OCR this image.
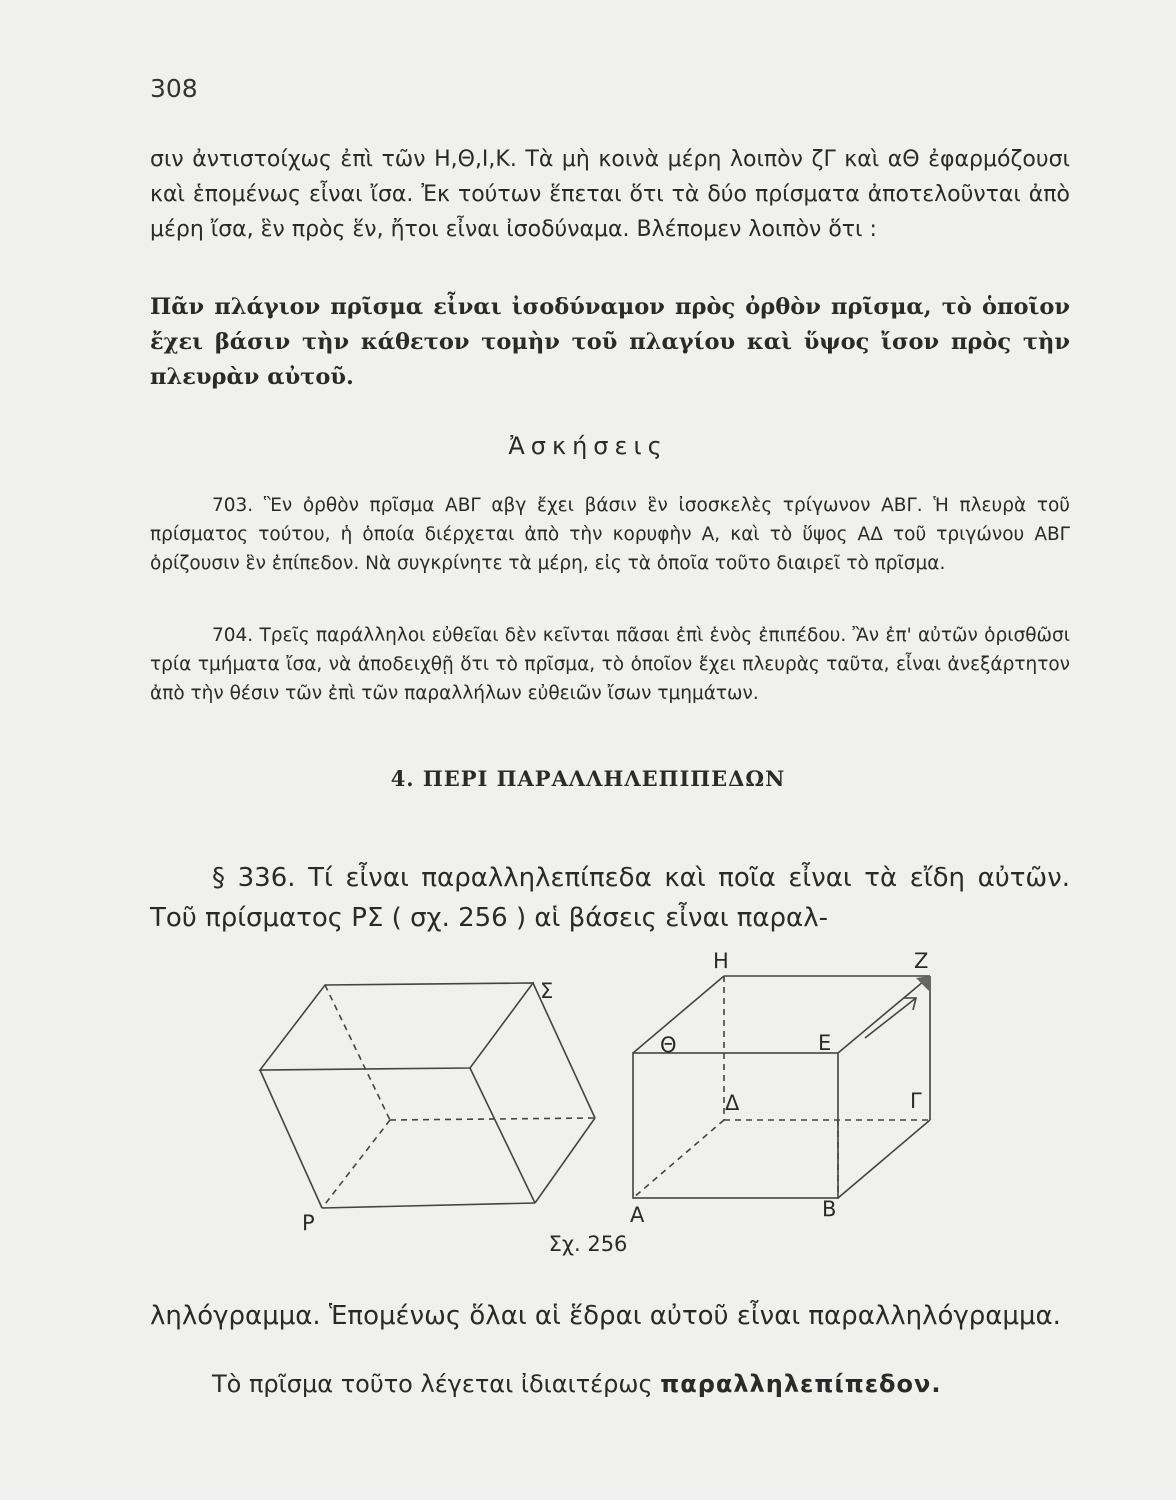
308

σιν ἀντιστοίχως ἐπὶ τῶν Η,Θ,Ι,Κ. Τὰ μὴ κοινὰ μέρη λοιπὸν ζΓ καὶ αΘ ἐφαρμόζουσι καὶ ἑπομένως εἶναι ἴσα. Ἐκ τούτων ἕπεται ὅτι τὰ δύο πρίσματα ἀποτελοῦνται ἀπὸ μέρη ἴσα, ἓν πρὸς ἕν, ἤτοι εἶναι ἰσοδύναμα. Βλέπομεν λοιπὸν ὅτι :

Πᾶν πλάγιον πρῖσμα εἶναι ἰσοδύναμον πρὸς ὀρθὸν πρῖσμα, τὸ ὁποῖον ἔχει βάσιν τὴν κάθετον τομὴν τοῦ πλαγίου καὶ ὕψος ἴσον πρὸς τὴν πλευρὰν αὐτοῦ.

Ἀσκήσεις

703. Ἓν ὀρθὸν πρῖσμα ΑΒΓ αβγ ἔχει βάσιν ἓν ἰσοσκελὲς τρίγωνον ΑΒΓ. Ἡ πλευρὰ τοῦ πρίσματος τούτου, ἡ ὁποία διέρχεται ἀπὸ τὴν κορυφὴν Α, καὶ τὸ ὕψος ΑΔ τοῦ τριγώνου ΑΒΓ ὁρίζουσιν ἓν ἐπίπεδον. Νὰ συγκρίνητε τὰ μέρη, εἰς τὰ ὁποῖα τοῦτο διαιρεῖ τὸ πρῖσμα.

704. Τρεῖς παράλληλοι εὐθεῖαι δὲν κεῖνται πᾶσαι ἐπὶ ἑνὸς ἐπιπέδου. Ἂν ἐπ' αὐτῶν ὁρισθῶσι τρία τμήματα ἴσα, νὰ ἀποδειχθῇ ὅτι τὸ πρῖσμα, τὸ ὁποῖον ἔχει πλευρὰς ταῦτα, εἶναι ἀνεξάρτητον ἀπὸ τὴν θέσιν τῶν ἐπὶ τῶν παραλλήλων εὐθειῶν ἴσων τμημάτων.

4. ΠΕΡΙ ΠΑΡΑΛΛΗΛΕΠΙΠΕΔΩΝ

§ 336. Τί εἶναι παραλληλεπίπεδα καὶ ποῖα εἶναι τὰ εἴδη αὐτῶν. Τοῦ πρίσματος ΡΣ ( σχ. 256 ) αἱ βάσεις εἶναι παραλ-

Σ
Ρ
Η	Ζ
Θ	Ε
Δ	Γ
Α	Β
Σχ. 256

ληλόγραμμα. Ἑπομένως ὅλαι αἱ ἕδραι αὐτοῦ εἶναι παραλληλόγραμμα.

Τὸ πρῖσμα τοῦτο λέγεται ἰδιαιτέρως παραλληλεπίπεδον.
